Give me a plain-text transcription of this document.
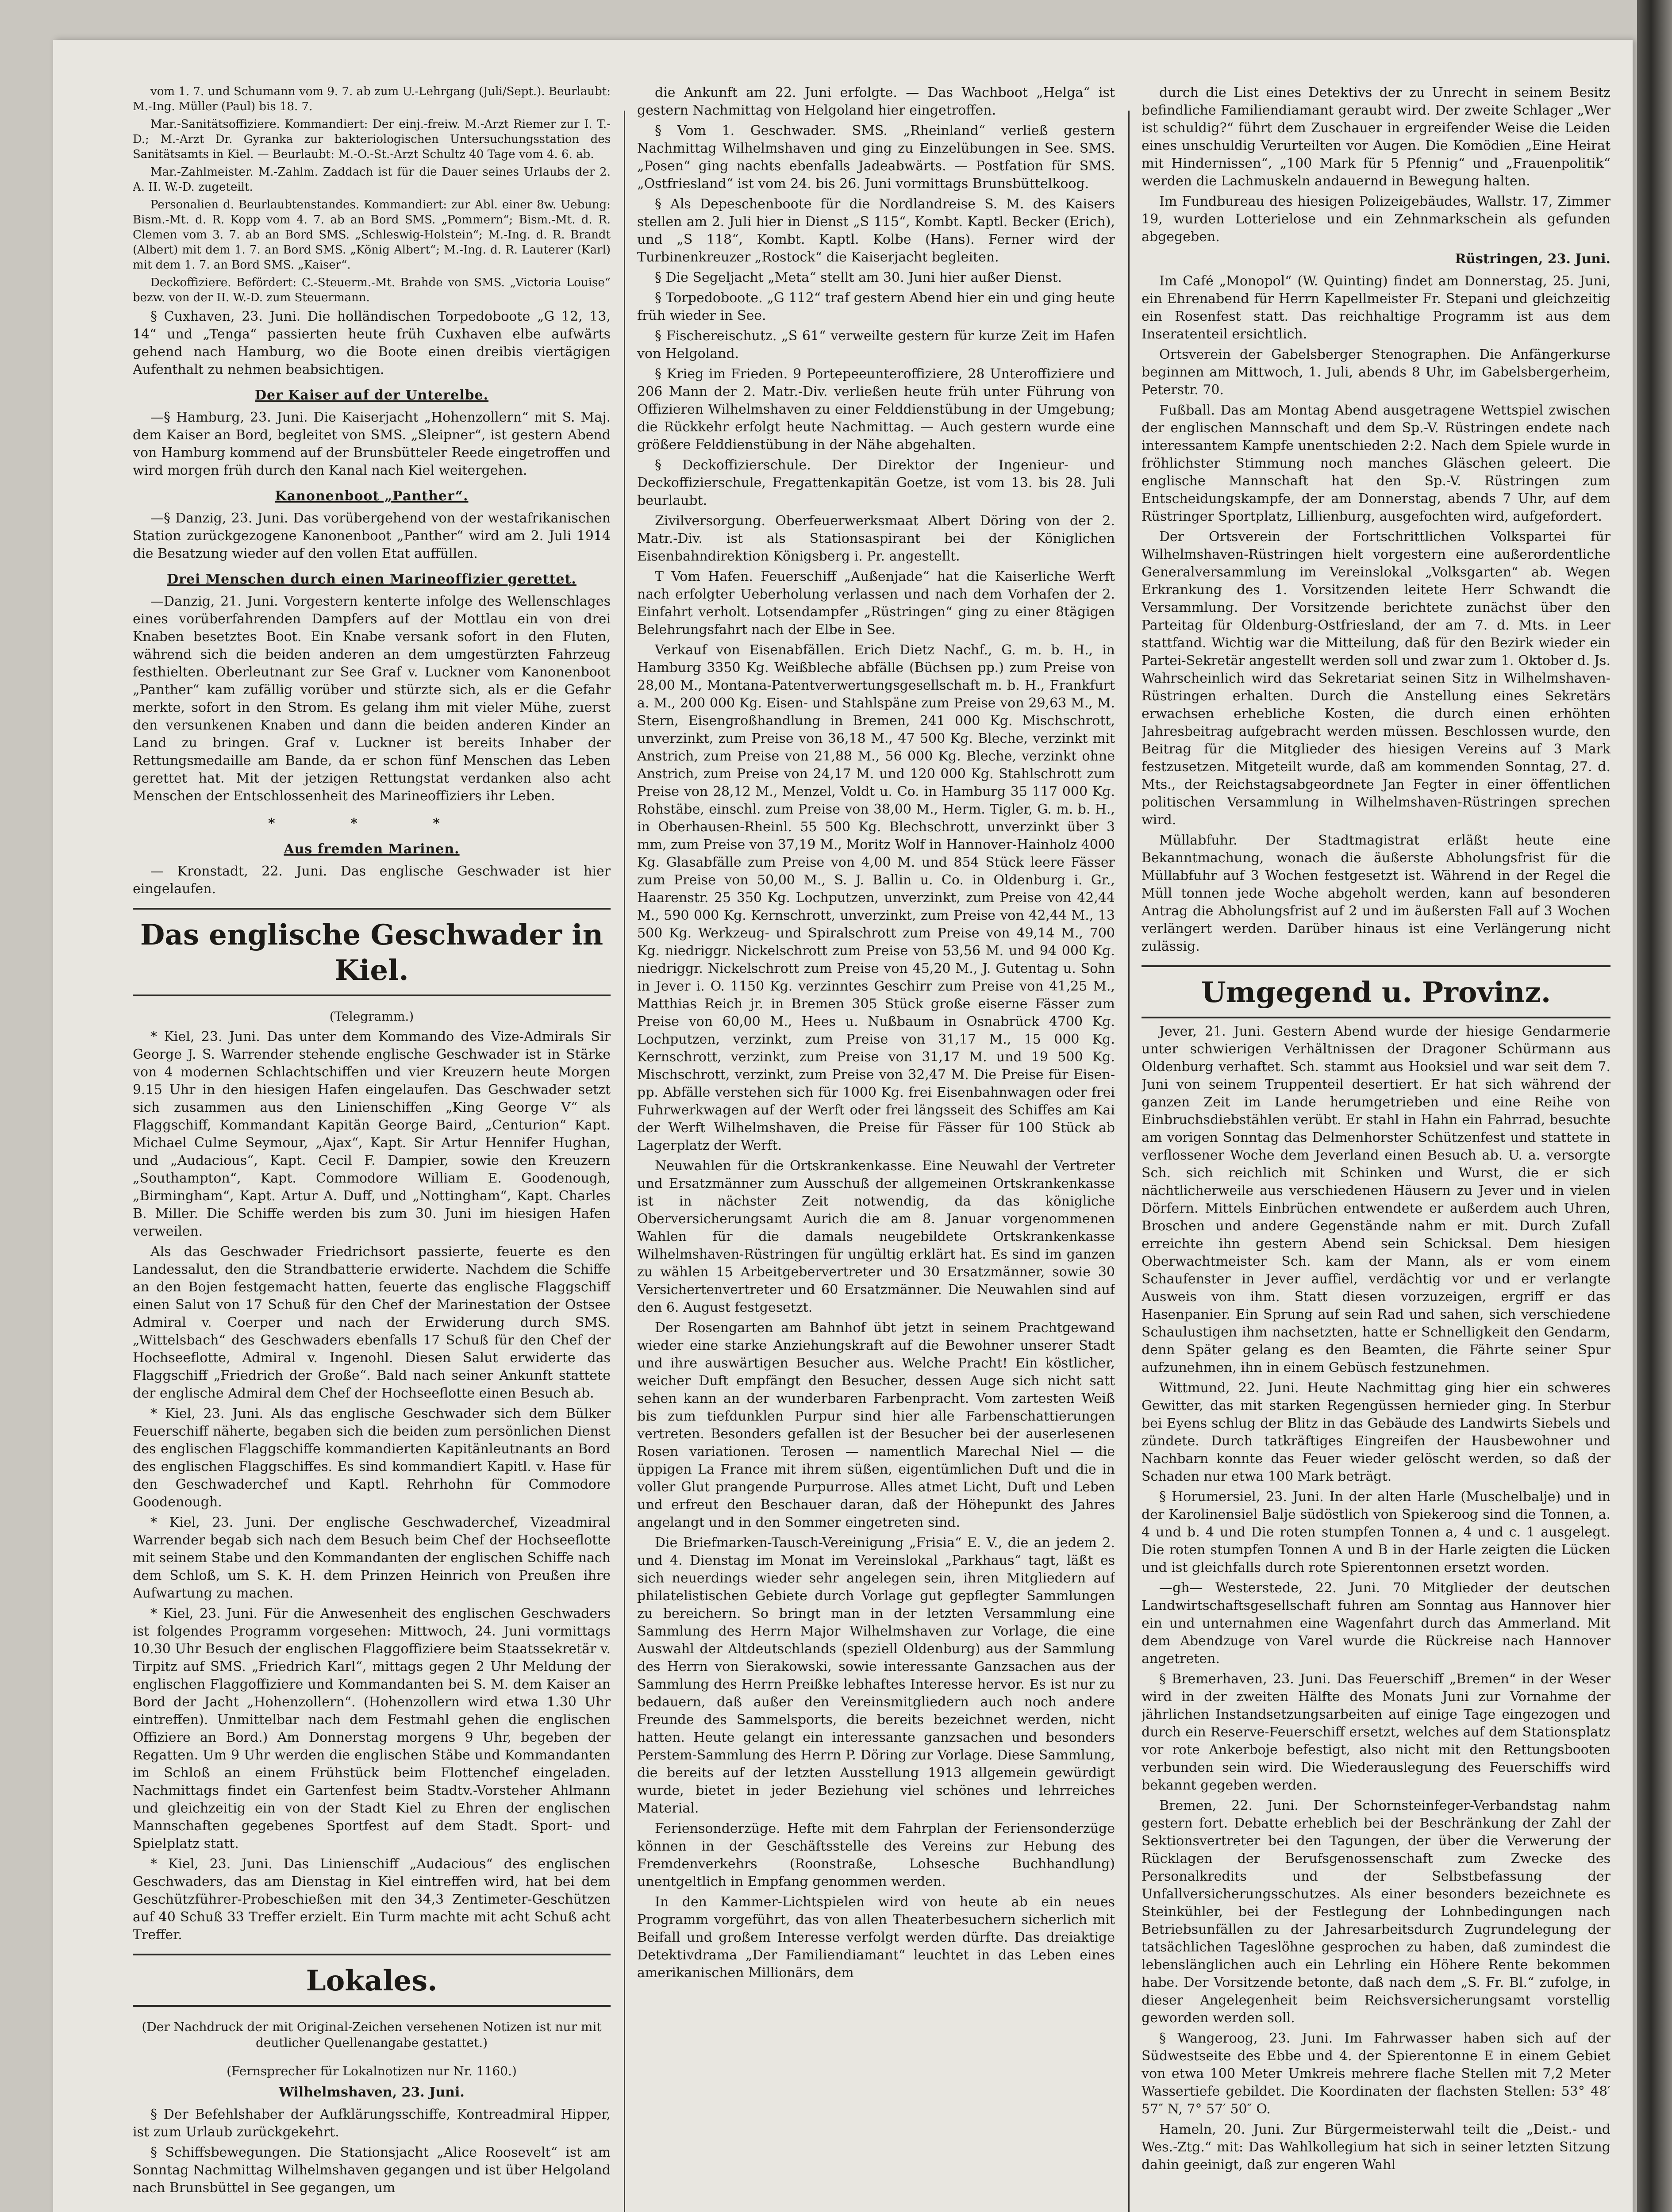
vom 1. 7. und Schumann vom 9. 7. ab zum U.-Lehrgang (Juli/Sept.). Beurlaubt: M.-Ing. Müller (Paul) bis 18. 7.

Mar.-Sanitätsoffiziere. Kommandiert: Der einj.-freiw. M.-Arzt Riemer zur I. T.-D.; M.-Arzt Dr. Gyranka zur bakteriologischen Untersuchungsstation des Sanitätsamts in Kiel. — Beurlaubt: M.-O.-St.-Arzt Schultz 40 Tage vom 4. 6. ab.

Mar.-Zahlmeister. M.-Zahlm. Zaddach ist für die Dauer seines Urlaubs der 2. A. II. W.-D. zugeteilt.

Personalien d. Beurlaubtenstandes. Kommandiert: zur Abl. einer 8w. Uebung: Bism.-Mt. d. R. Kopp vom 4. 7. ab an Bord SMS. „Pommern“; Bism.-Mt. d. R. Clemen vom 3. 7. ab an Bord SMS. „Schleswig-Holstein“; M.-Ing. d. R. Brandt (Albert) mit dem 1. 7. an Bord SMS. „König Albert“; M.-Ing. d. R. Lauterer (Karl) mit dem 1. 7. an Bord SMS. „Kaiser“.

Deckoffiziere. Befördert: C.-Steuerm.-Mt. Brahde von SMS. „Victoria Louise“ bezw. von der II. W.-D. zum Steuermann.

§ Cuxhaven, 23. Juni. Die holländischen Torpedoboote „G 12, 13, 14“ und „Tenga“ passierten heute früh Cuxhaven elbe aufwärts gehend nach Hamburg, wo die Boote einen dreibis viertägigen Aufenthalt zu nehmen beabsichtigen.

Der Kaiser auf der Unterelbe.

—§ Hamburg, 23. Juni. Die Kaiserjacht „Hohenzollern“ mit S. Maj. dem Kaiser an Bord, begleitet von SMS. „Sleipner“, ist gestern Abend von Hamburg kommend auf der Brunsbütteler Reede eingetroffen und wird morgen früh durch den Kanal nach Kiel weitergehen.

Kanonenboot „Panther“.

—§ Danzig, 23. Juni. Das vorübergehend von der westafrikanischen Station zurückgezogene Kanonenboot „Panther“ wird am 2. Juli 1914 die Besatzung wieder auf den vollen Etat auffüllen.

Drei Menschen durch einen Marineoffizier gerettet.

—Danzig, 21. Juni. Vorgestern kenterte infolge des Wellenschlages eines vorüberfahrenden Dampfers auf der Mottlau ein von drei Knaben besetztes Boot. Ein Knabe versank sofort in den Fluten, während sich die beiden anderen an dem umgestürzten Fahrzeug festhielten. Oberleutnant zur See Graf v. Luckner vom Kanonenboot „Panther“ kam zufällig vorüber und stürzte sich, als er die Gefahr merkte, sofort in den Strom. Es gelang ihm mit vieler Mühe, zuerst den versunkenen Knaben und dann die beiden anderen Kinder an Land zu bringen. Graf v. Luckner ist bereits Inhaber der Rettungsmedaille am Bande, da er schon fünf Menschen das Leben gerettet hat. Mit der jetzigen Rettungstat verdanken also acht Menschen der Entschlossenheit des Marineoffiziers ihr Leben.

* * *

Aus fremden Marinen.

— Kronstadt, 22. Juni. Das englische Geschwader ist hier eingelaufen.

Das englische Geschwader in Kiel.

(Telegramm.)

* Kiel, 23. Juni. Das unter dem Kommando des Vize-Admirals Sir George J. S. Warrender stehende englische Geschwader ist in Stärke von 4 modernen Schlachtschiffen und vier Kreuzern heute Morgen 9.15 Uhr in den hiesigen Hafen eingelaufen. Das Geschwader setzt sich zusammen aus den Linienschiffen „King George V“ als Flaggschiff, Kommandant Kapitän George Baird, „Centurion“ Kapt. Michael Culme Seymour, „Ajax“, Kapt. Sir Artur Hennifer Hughan, und „Audacious“, Kapt. Cecil F. Dampier, sowie den Kreuzern „Southampton“, Kapt. Commodore William E. Goodenough, „Birmingham“, Kapt. Artur A. Duff, und „Nottingham“, Kapt. Charles B. Miller. Die Schiffe werden bis zum 30. Juni im hiesigen Hafen verweilen.

Als das Geschwader Friedrichsort passierte, feuerte es den Landessalut, den die Strandbatterie erwiderte. Nachdem die Schiffe an den Bojen festgemacht hatten, feuerte das englische Flaggschiff einen Salut von 17 Schuß für den Chef der Marinestation der Ostsee Admiral v. Coerper und nach der Erwiderung durch SMS. „Wittelsbach“ des Geschwaders ebenfalls 17 Schuß für den Chef der Hochseeflotte, Admiral v. Ingenohl. Diesen Salut erwiderte das Flaggschiff „Friedrich der Große“. Bald nach seiner Ankunft stattete der englische Admiral dem Chef der Hochseeflotte einen Besuch ab.

* Kiel, 23. Juni. Als das englische Geschwader sich dem Bülker Feuerschiff näherte, begaben sich die beiden zum persönlichen Dienst des englischen Flaggschiffe kommandierten Kapitänleutnants an Bord des englischen Flaggschiffes. Es sind kommandiert Kapitl. v. Hase für den Geschwaderchef und Kaptl. Rehrhohn für Commodore Goodenough.

* Kiel, 23. Juni. Der englische Geschwaderchef, Vizeadmiral Warrender begab sich nach dem Besuch beim Chef der Hochseeflotte mit seinem Stabe und den Kommandanten der englischen Schiffe nach dem Schloß, um S. K. H. dem Prinzen Heinrich von Preußen ihre Aufwartung zu machen.

* Kiel, 23. Juni. Für die Anwesenheit des englischen Geschwaders ist folgendes Programm vorgesehen: Mittwoch, 24. Juni vormittags 10.30 Uhr Besuch der englischen Flaggoffiziere beim Staatssekretär v. Tirpitz auf SMS. „Friedrich Karl“, mittags gegen 2 Uhr Meldung der englischen Flaggoffiziere und Kommandanten bei S. M. dem Kaiser an Bord der Jacht „Hohenzollern“. (Hohenzollern wird etwa 1.30 Uhr eintreffen). Unmittelbar nach dem Festmahl gehen die englischen Offiziere an Bord.) Am Donnerstag morgens 9 Uhr, begeben der Regatten. Um 9 Uhr werden die englischen Stäbe und Kommandanten im Schloß an einem Frühstück beim Flottenchef eingeladen. Nachmittags findet ein Gartenfest beim Stadtv.-Vorsteher Ahlmann und gleichzeitig ein von der Stadt Kiel zu Ehren der englischen Mannschaften gegebenes Sportfest auf dem Stadt. Sport- und Spielplatz statt.

* Kiel, 23. Juni. Das Linienschiff „Audacious“ des englischen Geschwaders, das am Dienstag in Kiel eintreffen wird, hat bei dem Geschützführer-Probeschießen mit den 34,3 Zentimeter-Geschützen auf 40 Schuß 33 Treffer erzielt. Ein Turm machte mit acht Schuß acht Treffer.

Lokales.

(Der Nachdruck der mit Original-Zeichen versehenen Notizen ist nur mit deutlicher Quellenangabe gestattet.)

(Fernsprecher für Lokalnotizen nur Nr. 1160.)

Wilhelmshaven, 23. Juni.

§ Der Befehlshaber der Aufklärungsschiffe, Kontreadmiral Hipper, ist zum Urlaub zurückgekehrt.

§ Schiffsbewegungen. Die Stationsjacht „Alice Roosevelt“ ist am Sonntag Nachmittag Wilhelmshaven gegangen und ist über Helgoland nach Brunsbüttel in See gegangen, um

die Ankunft am 22. Juni erfolgte. — Das Wachboot „Helga“ ist gestern Nachmittag von Helgoland hier eingetroffen.

§ Vom 1. Geschwader. SMS. „Rheinland“ verließ gestern Nachmittag Wilhelmshaven und ging zu Einzelübungen in See. SMS. „Posen“ ging nachts ebenfalls Jadeabwärts. — Postfation für SMS. „Ostfriesland“ ist vom 24. bis 26. Juni vormittags Brunsbüttelkoog.

§ Als Depeschenboote für die Nordlandreise S. M. des Kaisers stellen am 2. Juli hier in Dienst „S 115“, Kombt. Kaptl. Becker (Erich), und „S 118“, Kombt. Kaptl. Kolbe (Hans). Ferner wird der Turbinenkreuzer „Rostock“ die Kaiserjacht begleiten.

§ Die Segeljacht „Meta“ stellt am 30. Juni hier außer Dienst.

§ Torpedoboote. „G 112“ traf gestern Abend hier ein und ging heute früh wieder in See.

§ Fischereischutz. „S 61“ verweilte gestern für kurze Zeit im Hafen von Helgoland.

§ Krieg im Frieden. 9 Portepeeunteroffiziere, 28 Unteroffiziere und 206 Mann der 2. Matr.-Div. verließen heute früh unter Führung von Offizieren Wilhelmshaven zu einer Felddienstübung in der Umgebung; die Rückkehr erfolgt heute Nachmittag. — Auch gestern wurde eine größere Felddienstübung in der Nähe abgehalten.

§ Deckoffizierschule. Der Direktor der Ingenieur- und Deckoffizierschule, Fregattenkapitän Goetze, ist vom 13. bis 28. Juli beurlaubt.

Zivilversorgung. Oberfeuerwerksmaat Albert Döring von der 2. Matr.-Div. ist als Stationsaspirant bei der Königlichen Eisenbahndirektion Königsberg i. Pr. angestellt.

T Vom Hafen. Feuerschiff „Außenjade“ hat die Kaiserliche Werft nach erfolgter Ueberholung verlassen und nach dem Vorhafen der 2. Einfahrt verholt. Lotsendampfer „Rüstringen“ ging zu einer 8tägigen Belehrungsfahrt nach der Elbe in See.

Verkauf von Eisenabfällen. Erich Dietz Nachf., G. m. b. H., in Hamburg 3350 Kg. Weißbleche abfälle (Büchsen pp.) zum Preise von 28,00 M., Montana-Patentverwertungsgesellschaft m. b. H., Frankfurt a. M., 200 000 Kg. Eisen- und Stahlspäne zum Preise von 29,63 M., M. Stern, Eisengroßhandlung in Bremen, 241 000 Kg. Mischschrott, unverzinkt, zum Preise von 36,18 M., 47 500 Kg. Bleche, verzinkt mit Anstrich, zum Preise von 21,88 M., 56 000 Kg. Bleche, verzinkt ohne Anstrich, zum Preise von 24,17 M. und 120 000 Kg. Stahlschrott zum Preise von 28,12 M., Menzel, Voldt u. Co. in Hamburg 35 117 000 Kg. Rohstäbe, einschl. zum Preise von 38,00 M., Herm. Tigler, G. m. b. H., in Oberhausen-Rheinl. 55 500 Kg. Blechschrott, unverzinkt über 3 mm, zum Preise von 37,19 M., Moritz Wolf in Hannover-Hainholz 4000 Kg. Glasabfälle zum Preise von 4,00 M. und 854 Stück leere Fässer zum Preise von 50,00 M., S. J. Ballin u. Co. in Oldenburg i. Gr., Haarenstr. 25 350 Kg. Lochputzen, unverzinkt, zum Preise von 42,44 M., 590 000 Kg. Kernschrott, unverzinkt, zum Preise von 42,44 M., 13 500 Kg. Werkzeug- und Spiralschrott zum Preise von 49,14 M., 700 Kg. niedriggr. Nickelschrott zum Preise von 53,56 M. und 94 000 Kg. niedriggr. Nickelschrott zum Preise von 45,20 M., J. Gutentag u. Sohn in Jever i. O. 1150 Kg. verzinntes Geschirr zum Preise von 41,25 M., Matthias Reich jr. in Bremen 305 Stück große eiserne Fässer zum Preise von 60,00 M., Hees u. Nußbaum in Osnabrück 4700 Kg. Lochputzen, verzinkt, zum Preise von 31,17 M., 15 000 Kg. Kernschrott, verzinkt, zum Preise von 31,17 M. und 19 500 Kg. Mischschrott, verzinkt, zum Preise von 32,47 M. Die Preise für Eisen- pp. Abfälle verstehen sich für 1000 Kg. frei Eisenbahnwagen oder frei Fuhrwerkwagen auf der Werft oder frei längsseit des Schiffes am Kai der Werft Wilhelmshaven, die Preise für Fässer für 100 Stück ab Lagerplatz der Werft.

Neuwahlen für die Ortskrankenkasse. Eine Neuwahl der Vertreter und Ersatzmänner zum Ausschuß der allgemeinen Ortskrankenkasse ist in nächster Zeit notwendig, da das königliche Oberversicherungsamt Aurich die am 8. Januar vorgenommenen Wahlen für die damals neugebildete Ortskrankenkasse Wilhelmshaven-Rüstringen für ungültig erklärt hat. Es sind im ganzen zu wählen 15 Arbeitgebervertreter und 30 Ersatzmänner, sowie 30 Versichertenvertreter und 60 Ersatzmänner. Die Neuwahlen sind auf den 6. August festgesetzt.

Der Rosengarten am Bahnhof übt jetzt in seinem Prachtgewand wieder eine starke Anziehungskraft auf die Bewohner unserer Stadt und ihre auswärtigen Besucher aus. Welche Pracht! Ein köstlicher, weicher Duft empfängt den Besucher, dessen Auge sich nicht satt sehen kann an der wunderbaren Farbenpracht. Vom zartesten Weiß bis zum tiefdunklen Purpur sind hier alle Farbenschattierungen vertreten. Besonders gefallen ist der Besucher bei der auserlesenen Rosen variationen. Terosen — namentlich Marechal Niel — die üppigen La France mit ihrem süßen, eigentümlichen Duft und die in voller Glut prangende Purpurrose. Alles atmet Licht, Duft und Leben und erfreut den Beschauer daran, daß der Höhepunkt des Jahres angelangt und in den Sommer eingetreten sind.

Die Briefmarken-Tausch-Vereinigung „Frisia“ E. V., die an jedem 2. und 4. Dienstag im Monat im Vereinslokal „Parkhaus“ tagt, läßt es sich neuerdings wieder sehr angelegen sein, ihren Mitgliedern auf philatelistischen Gebiete durch Vorlage gut gepflegter Sammlungen zu bereichern. So bringt man in der letzten Versammlung eine Sammlung des Herrn Major Wilhelmshaven zur Vorlage, die eine Auswahl der Altdeutschlands (speziell Oldenburg) aus der Sammlung des Herrn von Sierakowski, sowie interessante Ganzsachen aus der Sammlung des Herrn Preißke lebhaftes Interesse hervor. Es ist nur zu bedauern, daß außer den Vereinsmitgliedern auch noch andere Freunde des Sammelsports, die bereits bezeichnet werden, nicht hatten. Heute gelangt ein interessante ganzsachen und besonders Perstem-Sammlung des Herrn P. Döring zur Vorlage. Diese Sammlung, die bereits auf der letzten Ausstellung 1913 allgemein gewürdigt wurde, bietet in jeder Beziehung viel schönes und lehrreiches Material.

Feriensonderzüge. Hefte mit dem Fahrplan der Feriensonderzüge können in der Geschäftsstelle des Vereins zur Hebung des Fremdenverkehrs (Roonstraße, Lohsesche Buchhandlung) unentgeltlich in Empfang genommen werden.

In den Kammer-Lichtspielen wird von heute ab ein neues Programm vorgeführt, das von allen Theaterbesuchern sicherlich mit Beifall und großem Interesse verfolgt werden dürfte. Das dreiaktige Detektivdrama „Der Familiendiamant“ leuchtet in das Leben eines amerikanischen Millionärs, dem

durch die List eines Detektivs der zu Unrecht in seinem Besitz befindliche Familiendiamant geraubt wird. Der zweite Schlager „Wer ist schuldig?“ führt dem Zuschauer in ergreifender Weise die Leiden eines unschuldig Verurteilten vor Augen. Die Komödien „Eine Heirat mit Hindernissen“, „100 Mark für 5 Pfennig“ und „Frauenpolitik“ werden die Lachmuskeln andauernd in Bewegung halten.

Im Fundbureau des hiesigen Polizeigebäudes, Wallstr. 17, Zimmer 19, wurden Lotterielose und ein Zehnmarkschein als gefunden abgegeben.

Rüstringen, 23. Juni.

Im Café „Monopol“ (W. Quinting) findet am Donnerstag, 25. Juni, ein Ehrenabend für Herrn Kapellmeister Fr. Stepani und gleichzeitig ein Rosenfest statt. Das reichhaltige Programm ist aus dem Inseratenteil ersichtlich.

Ortsverein der Gabelsberger Stenographen. Die Anfängerkurse beginnen am Mittwoch, 1. Juli, abends 8 Uhr, im Gabelsbergerheim, Peterstr. 70.

Fußball. Das am Montag Abend ausgetragene Wettspiel zwischen der englischen Mannschaft und dem Sp.-V. Rüstringen endete nach interessantem Kampfe unentschieden 2:2. Nach dem Spiele wurde in fröhlichster Stimmung noch manches Gläschen geleert. Die englische Mannschaft hat den Sp.-V. Rüstringen zum Entscheidungskampfe, der am Donnerstag, abends 7 Uhr, auf dem Rüstringer Sportplatz, Lillienburg, ausgefochten wird, aufgefordert.

Der Ortsverein der Fortschrittlichen Volkspartei für Wilhelmshaven-Rüstringen hielt vorgestern eine außerordentliche Generalversammlung im Vereinslokal „Volksgarten“ ab. Wegen Erkrankung des 1. Vorsitzenden leitete Herr Schwandt die Versammlung. Der Vorsitzende berichtete zunächst über den Parteitag für Oldenburg-Ostfriesland, der am 7. d. Mts. in Leer stattfand. Wichtig war die Mitteilung, daß für den Bezirk wieder ein Partei-Sekretär angestellt werden soll und zwar zum 1. Oktober d. Js. Wahrscheinlich wird das Sekretariat seinen Sitz in Wilhelmshaven-Rüstringen erhalten. Durch die Anstellung eines Sekretärs erwachsen erhebliche Kosten, die durch einen erhöhten Jahresbeitrag aufgebracht werden müssen. Beschlossen wurde, den Beitrag für die Mitglieder des hiesigen Vereins auf 3 Mark festzusetzen. Mitgeteilt wurde, daß am kommenden Sonntag, 27. d. Mts., der Reichstagsabgeordnete Jan Fegter in einer öffentlichen politischen Versammlung in Wilhelmshaven-Rüstringen sprechen wird.

Müllabfuhr. Der Stadtmagistrat erläßt heute eine Bekanntmachung, wonach die äußerste Abholungsfrist für die Müllabfuhr auf 3 Wochen festgesetzt ist. Während in der Regel die Müll tonnen jede Woche abgeholt werden, kann auf besonderen Antrag die Abholungsfrist auf 2 und im äußersten Fall auf 3 Wochen verlängert werden. Darüber hinaus ist eine Verlängerung nicht zulässig.

Umgegend u. Provinz.

Jever, 21. Juni. Gestern Abend wurde der hiesige Gendarmerie unter schwierigen Verhältnissen der Dragoner Schürmann aus Oldenburg verhaftet. Sch. stammt aus Hooksiel und war seit dem 7. Juni von seinem Truppenteil desertiert. Er hat sich während der ganzen Zeit im Lande herumgetrieben und eine Reihe von Einbruchsdiebstählen verübt. Er stahl in Hahn ein Fahrrad, besuchte am vorigen Sonntag das Delmenhorster Schützenfest und stattete in verflossener Woche dem Jeverland einen Besuch ab. U. a. versorgte Sch. sich reichlich mit Schinken und Wurst, die er sich nächtlicherweile aus verschiedenen Häusern zu Jever und in vielen Dörfern. Mittels Einbrüchen entwendete er außerdem auch Uhren, Broschen und andere Gegenstände nahm er mit. Durch Zufall erreichte ihn gestern Abend sein Schicksal. Dem hiesigen Oberwachtmeister Sch. kam der Mann, als er vom einem Schaufenster in Jever auffiel, verdächtig vor und er verlangte Ausweis von ihm. Statt diesen vorzuzeigen, ergriff er das Hasenpanier. Ein Sprung auf sein Rad und sahen, sich verschiedene Schaulustigen ihm nachsetzten, hatte er Schnelligkeit den Gendarm, denn Später gelang es den Beamten, die Fährte seiner Spur aufzunehmen, ihn in einem Gebüsch festzunehmen.

Wittmund, 22. Juni. Heute Nachmittag ging hier ein schweres Gewitter, das mit starken Regengüssen hernieder ging. In Sterbur bei Eyens schlug der Blitz in das Gebäude des Landwirts Siebels und zündete. Durch tatkräftiges Eingreifen der Hausbewohner und Nachbarn konnte das Feuer wieder gelöscht werden, so daß der Schaden nur etwa 100 Mark beträgt.

§ Horumersiel, 23. Juni. In der alten Harle (Muschelbalje) und in der Karolinensiel Balje südöstlich von Spiekeroog sind die Tonnen, a. 4 und b. 4 und Die roten stumpfen Tonnen a, 4 und c. 1 ausgelegt. Die roten stumpfen Tonnen A und B in der Harle zeigten die Lücken und ist gleichfalls durch rote Spierentonnen ersetzt worden.

—gh— Westerstede, 22. Juni. 70 Mitglieder der deutschen Landwirtschaftsgesellschaft fuhren am Sonntag aus Hannover hier ein und unternahmen eine Wagenfahrt durch das Ammerland. Mit dem Abendzuge von Varel wurde die Rückreise nach Hannover angetreten.

§ Bremerhaven, 23. Juni. Das Feuerschiff „Bremen“ in der Weser wird in der zweiten Hälfte des Monats Juni zur Vornahme der jährlichen Instandsetzungsarbeiten auf einige Tage eingezogen und durch ein Reserve-Feuerschiff ersetzt, welches auf dem Stationsplatz vor rote Ankerboje befestigt, also nicht mit den Rettungsbooten verbunden sein wird. Die Wiederauslegung des Feuerschiffs wird bekannt gegeben werden.

Bremen, 22. Juni. Der Schornsteinfeger-Verbandstag nahm gestern fort. Debatte erheblich bei der Beschränkung der Zahl der Sektionsvertreter bei den Tagungen, der über die Verwerung der Rücklagen der Berufsgenossenschaft zum Zwecke des Personalkredits und der Selbstbefassung der Unfallversicherungsschutzes. Als einer besonders bezeichnete es Steinkühler, bei der Festlegung der Lohnbedingungen nach Betriebsunfällen zu der Jahresarbeitsdurch Zugrundelegung der tatsächlichen Tageslöhne gesprochen zu haben, daß zumindest die lebenslänglichen auch ein Lehrling ein Höhere Rente bekommen habe. Der Vorsitzende betonte, daß nach dem „S. Fr. Bl.“ zufolge, in dieser Angelegenheit beim Reichsversicherungsamt vorstellig geworden werden soll.

§ Wangeroog, 23. Juni. Im Fahrwasser haben sich auf der Südwestseite des Ebbe und 4. der Spierentonne E in einem Gebiet von etwa 100 Meter Umkreis mehrere flache Stellen mit 7,2 Meter Wassertiefe gebildet. Die Koordinaten der flachsten Stellen: 53° 48′ 57″ N, 7° 57′ 50″ O.

Hameln, 20. Juni. Zur Bürgermeisterwahl teilt die „Deist.- und Wes.-Ztg.“ mit: Das Wahlkollegium hat sich in seiner letzten Sitzung dahin geeinigt, daß zur engeren Wahl
